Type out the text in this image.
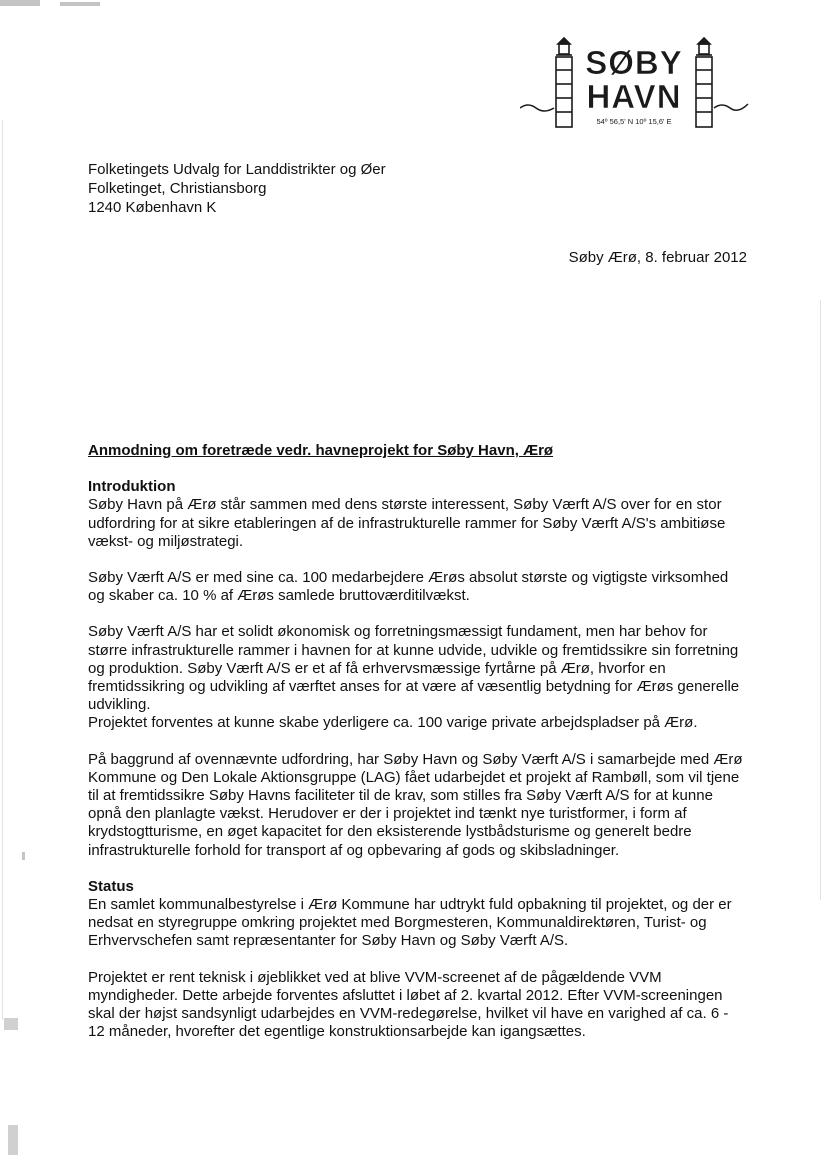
SØBY
HAVN
54º 56,5' N 10º 15,6' E
Folketingets Udvalg for Landdistrikter og Øer
Folketinget, Christiansborg
1240 København K
Søby Ærø, 8. februar 2012
Anmodning om foretræde vedr. havneprojekt for Søby Havn, Ærø
Introduktion
Søby Havn på Ærø står sammen med dens største interessent, Søby Værft A/S over for en stor
udfordring for at sikre etableringen af de infrastrukturelle rammer for Søby Værft A/S's ambitiøse
vækst- og miljøstrategi.
Søby Værft A/S er med sine ca. 100 medarbejdere Ærøs absolut største og vigtigste virksomhed
og skaber ca. 10 % af Ærøs samlede bruttoværditilvækst.
Søby Værft A/S har et solidt økonomisk og forretningsmæssigt fundament, men har behov for
større infrastrukturelle rammer i havnen for at kunne udvide, udvikle og fremtidssikre sin forretning
og produktion. Søby Værft A/S er et af få erhvervsmæssige fyrtårne på Ærø, hvorfor en
fremtidssikring og udvikling af værftet anses for at være af væsentlig betydning for Ærøs generelle
udvikling.
Projektet forventes at kunne skabe yderligere ca. 100 varige private arbejdspladser på Ærø.
På baggrund af ovennævnte udfordring, har Søby Havn og Søby Værft A/S i samarbejde med Ærø
Kommune og Den Lokale Aktionsgruppe (LAG) fået udarbejdet et projekt af Rambøll, som vil tjene
til at fremtidssikre Søby Havns faciliteter til de krav, som stilles fra Søby Værft A/S for at kunne
opnå den planlagte vækst. Herudover er der i projektet ind tænkt nye turistformer, i form af
krydstogtturisme, en øget kapacitet for den eksisterende lystbådsturisme og generelt bedre
infrastrukturelle forhold for transport af og opbevaring af gods og skibsladninger.
Status
En samlet kommunalbestyrelse i Ærø Kommune har udtrykt fuld opbakning til projektet, og der er
nedsat en styregruppe omkring projektet med Borgmesteren, Kommunaldirektøren, Turist- og
Erhvervschefen samt repræsentanter for Søby Havn og Søby Værft A/S.
Projektet er rent teknisk i øjeblikket ved at blive VVM-screenet af de pågældende VVM
myndigheder. Dette arbejde forventes afsluttet i løbet af 2. kvartal 2012. Efter VVM-screeningen
skal der højst sandsynligt udarbejdes en VVM-redegørelse, hvilket vil have en varighed af ca. 6 -
12 måneder, hvorefter det egentlige konstruktionsarbejde kan igangsættes.
